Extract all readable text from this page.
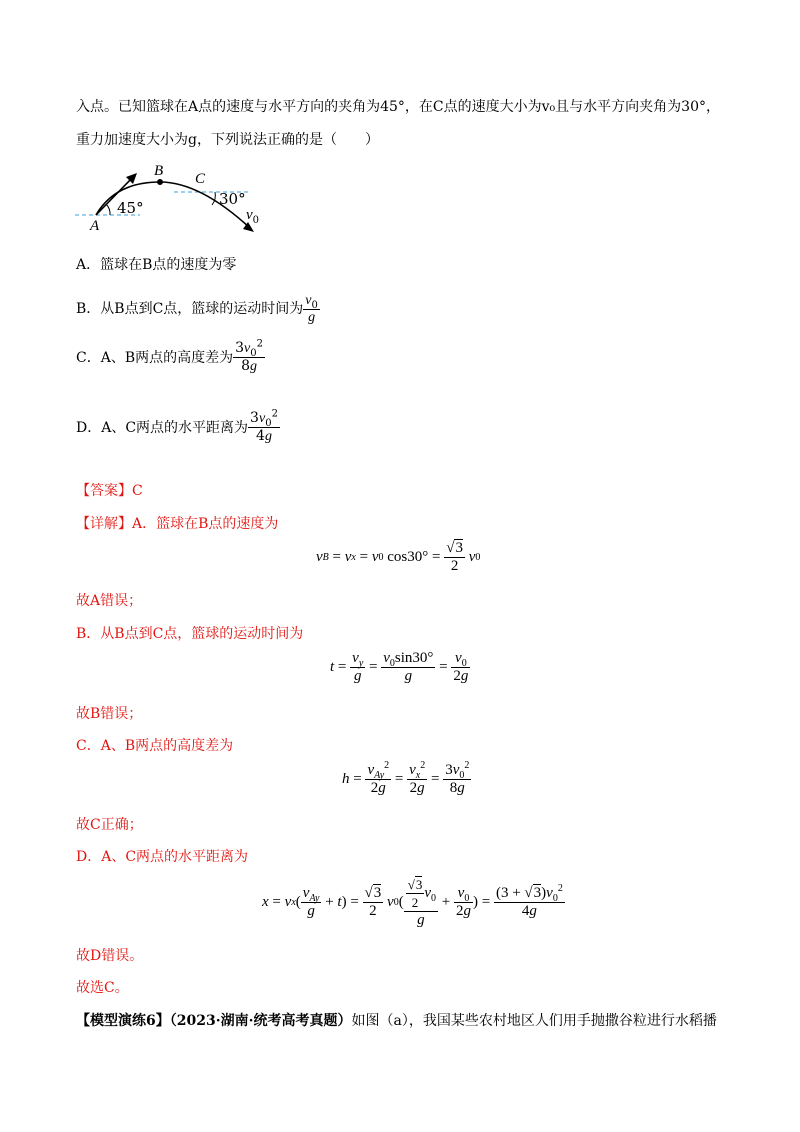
入点。已知篮球在A点的速度与水平方向的夹角为45°，在C点的速度大小为v₀且与水平方向夹角为30°，
重力加速度大小为g，下列说法正确的是（　　）
A
B C
45°	30°
$v_0$
A．篮球在B点的速度为零
B．从B点到C点，篮球的运动时间为 $\frac{v_0}{g}$
C．A、B两点的高度差为 $\frac{3v_0^2}{8g}$
D．A、C两点的水平距离为 $\frac{3v_0^2}{4g}$
【答案】C
【详解】A．篮球在B点的速度为
v B = v x = v 0 $\cos 30^\circ = \frac{√3}{2}$
v 0
故A错误；
B．从B点到C点，篮球的运动时间为
$t = \frac{v_y}{g} = \frac{v_0\sin 30^\circ}{g} = \frac{v_0}{2g}$
故B错误；
C．A、B两点的高度差为
$h = \frac{v_{Ay}^2}{2g} = \frac{v_x^2}{2g} = \frac{3v_0^2}{8g}$
故C正确；
D．A、C两点的水平距离为
x = v x ( $\frac{v_{Ay}}{g} + t$ ) = $\frac{√3}{2}$
v 0 ( $\frac{\frac{√3}{2} v_0}{g} + \frac{v_0}{2g}$ ) = $\frac{(3 + √3)v_0^2}{4g}$
故D错误。
故选C。
【模型演练6】（2023·湖南·统考高考真题）如图（a），我国某些农村地区人们用手抛撒谷粒进行水稻播
